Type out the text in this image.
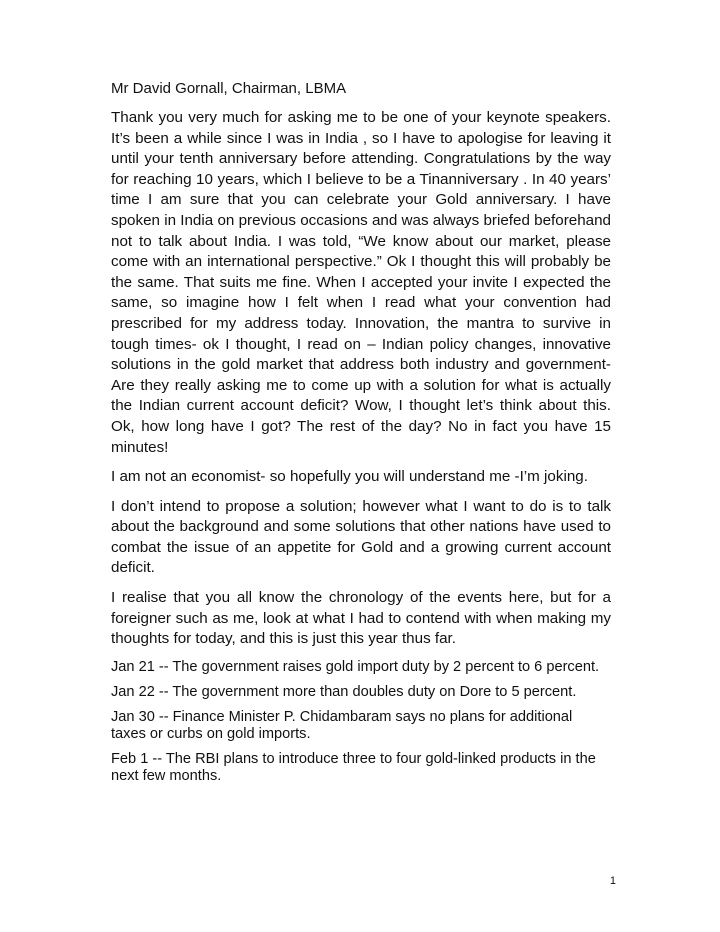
Mr David Gornall, Chairman, LBMA

Thank you very much for asking me to be one of your keynote speakers. It’s been a while since I was in India , so I have to apologise for leaving it until your tenth anniversary before attending. Congratulations by the way for reaching 10 years, which I believe to be a Tinanniversary . In 40 years’ time I am sure that you can celebrate your Gold anniversary. I have spoken in India on previous occasions and was always briefed beforehand not to talk about India. I was told, “We know about our market, please come with an international perspective.” Ok I thought this will probably be the same. That suits me fine. When I accepted your invite I expected the same, so imagine how I felt when I read what your convention had prescribed for my address today. Innovation, the mantra to survive in tough times- ok I thought, I read on – Indian policy changes, innovative solutions in the gold market that address both industry and government- Are they really asking me to come up with a solution for what is actually the Indian current account deficit? Wow, I thought let’s think about this. Ok, how long have I got? The rest of the day? No in fact you have 15 minutes!

I am not an economist- so hopefully you will understand me -I’m joking.

I don’t intend to propose a solution; however what I want to do is to talk about the background and some solutions that other nations have used to combat the issue of an appetite for Gold and a growing current account deficit.

I realise that you all know the chronology of the events here, but for a foreigner such as me, look at what I had to contend with when making my thoughts for today, and this is just this year thus far.

Jan 21 -- The government raises gold import duty by 2 percent to 6 percent.

Jan 22 -- The government more than doubles duty on Dore to 5 percent.

Jan 30 -- Finance Minister P. Chidambaram says no plans for additional taxes or curbs on gold imports.

Feb 1 -- The RBI plans to introduce three to four gold-linked products in the next few months.

1
